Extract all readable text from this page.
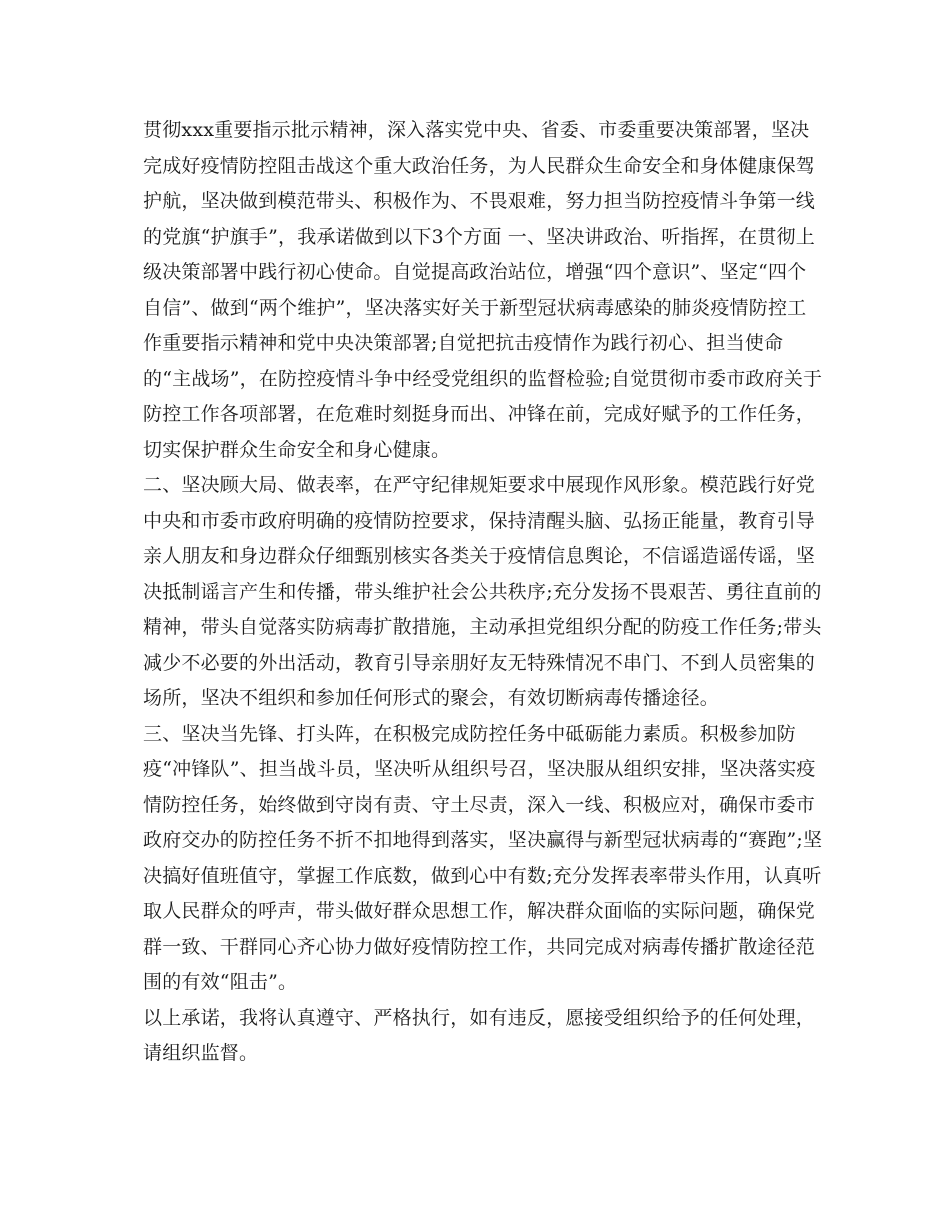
贯彻xxx重要指示批示精神，深入落实党中央、省委、市委重要决策部署，坚决完成好疫情防控阻击战这个重大政治任务，为人民群众生命安全和身体健康保驾护航，坚决做到模范带头、积极作为、不畏艰难，努力担当防控疫情斗争第一线的党旗“护旗手”，我承诺做到以下3个方面 一、坚决讲政治、听指挥，在贯彻上级决策部署中践行初心使命。自觉提高政治站位，增强“四个意识”、坚定“四个自信”、做到“两个维护”，坚决落实好关于新型冠状病毒感染的肺炎疫情防控工作重要指示精神和党中央决策部署;自觉把抗击疫情作为践行初心、担当使命的“主战场”，在防控疫情斗争中经受党组织的监督检验;自觉贯彻市委市政府关于防控工作各项部署，在危难时刻挺身而出、冲锋在前，完成好赋予的工作任务，切实保护群众生命安全和身心健康。

二、坚决顾大局、做表率，在严守纪律规矩要求中展现作风形象。模范践行好党中央和市委市政府明确的疫情防控要求，保持清醒头脑、弘扬正能量，教育引导亲人朋友和身边群众仔细甄别核实各类关于疫情信息舆论，不信谣造谣传谣，坚决抵制谣言产生和传播，带头维护社会公共秩序;充分发扬不畏艰苦、勇往直前的精神，带头自觉落实防病毒扩散措施，主动承担党组织分配的防疫工作任务;带头减少不必要的外出活动，教育引导亲朋好友无特殊情况不串门、不到人员密集的场所，坚决不组织和参加任何形式的聚会，有效切断病毒传播途径。

三、坚决当先锋、打头阵，在积极完成防控任务中砥砺能力素质。积极参加防疫“冲锋队”、担当战斗员，坚决听从组织号召，坚决服从组织安排，坚决落实疫情防控任务，始终做到守岗有责、守土尽责，深入一线、积极应对，确保市委市政府交办的防控任务不折不扣地得到落实，坚决赢得与新型冠状病毒的“赛跑”;坚决搞好值班值守，掌握工作底数，做到心中有数;充分发挥表率带头作用，认真听取人民群众的呼声，带头做好群众思想工作，解决群众面临的实际问题，确保党群一致、干群同心齐心协力做好疫情防控工作，共同完成对病毒传播扩散途径范围的有效“阻击”。

以上承诺，我将认真遵守、严格执行，如有违反，愿接受组织给予的任何处理，请组织监督。
